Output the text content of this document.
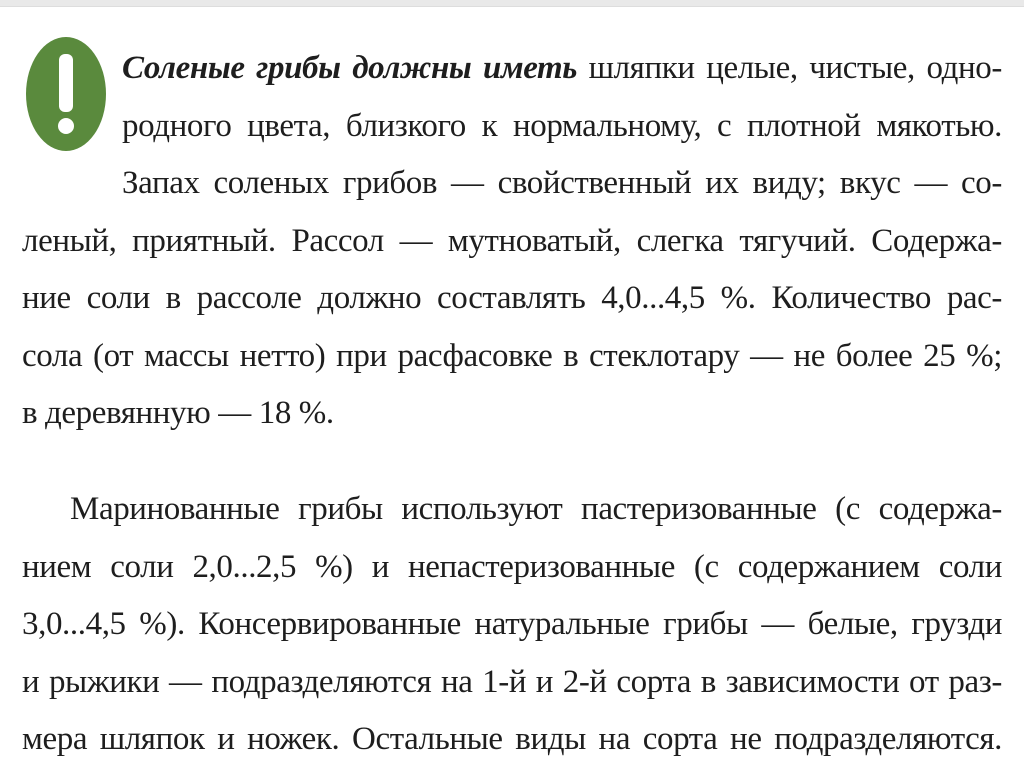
Соленые грибы должны иметь шляпки целые, чистые, одно-
родного цвета, близкого к нормальному, с плотной мякотью.
Запах соленых грибов — свойственный их виду; вкус — со-
леный, приятный. Рассол — мутноватый, слегка тягучий. Содержа-
ние соли в рассоле должно составлять 4,0...4,5 %. Количество рас-
сола (от массы нетто) при расфасовке в стеклотару — не более 25 %;
в деревянную — 18 %.
Маринованные грибы используют пастеризованные (с содержа-
нием соли 2,0...2,5 %) и непастеризованные (с содержанием соли
3,0...4,5 %). Консервированные натуральные грибы — белые, грузди
и рыжики — подразделяются на 1-й и 2-й сорта в зависимости от раз-
мера шляпок и ножек. Остальные виды на сорта не подразделяются.
